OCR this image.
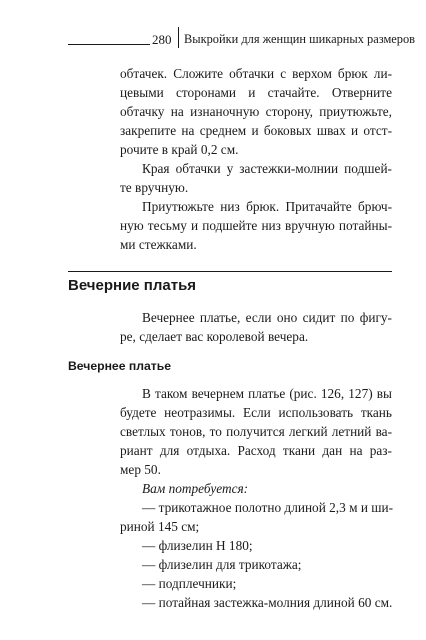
280 Выкройки для женщин шикарных размеров

обтачек. Сложите обтачки с верхом брюк ли-
цевыми сторонами и стачайте. Отверните
обтачку на изнаночную сторону, приутюжьте,
закрепите на среднем и боковых швах и отст-
рочите в край 0,2 см.

Края обтачки у застежки-молнии подшей-
те вручную.

Приутюжьте низ брюк. Притачайте брюч-
ную тесьму и подшейте низ вручную потайны-
ми стежками.

Вечерние платья

Вечернее платье, если оно сидит по фигу-
ре, сделает вас королевой вечера.

Вечернее платье

В таком вечернем платье (рис. 126, 127) вы
будете неотразимы. Если использовать ткань
светлых тонов, то получится легкий летний ва-
риант для отдыха. Расход ткани дан на раз-
мер 50.

Вам потребуется:

— трикотажное полотно длиной 2,3 м и ши-
риной 145 см;
— флизелин Н 180;
— флизелин для трикотажа;
— подплечники;
— потайная застежка-молния длиной 60 см.
